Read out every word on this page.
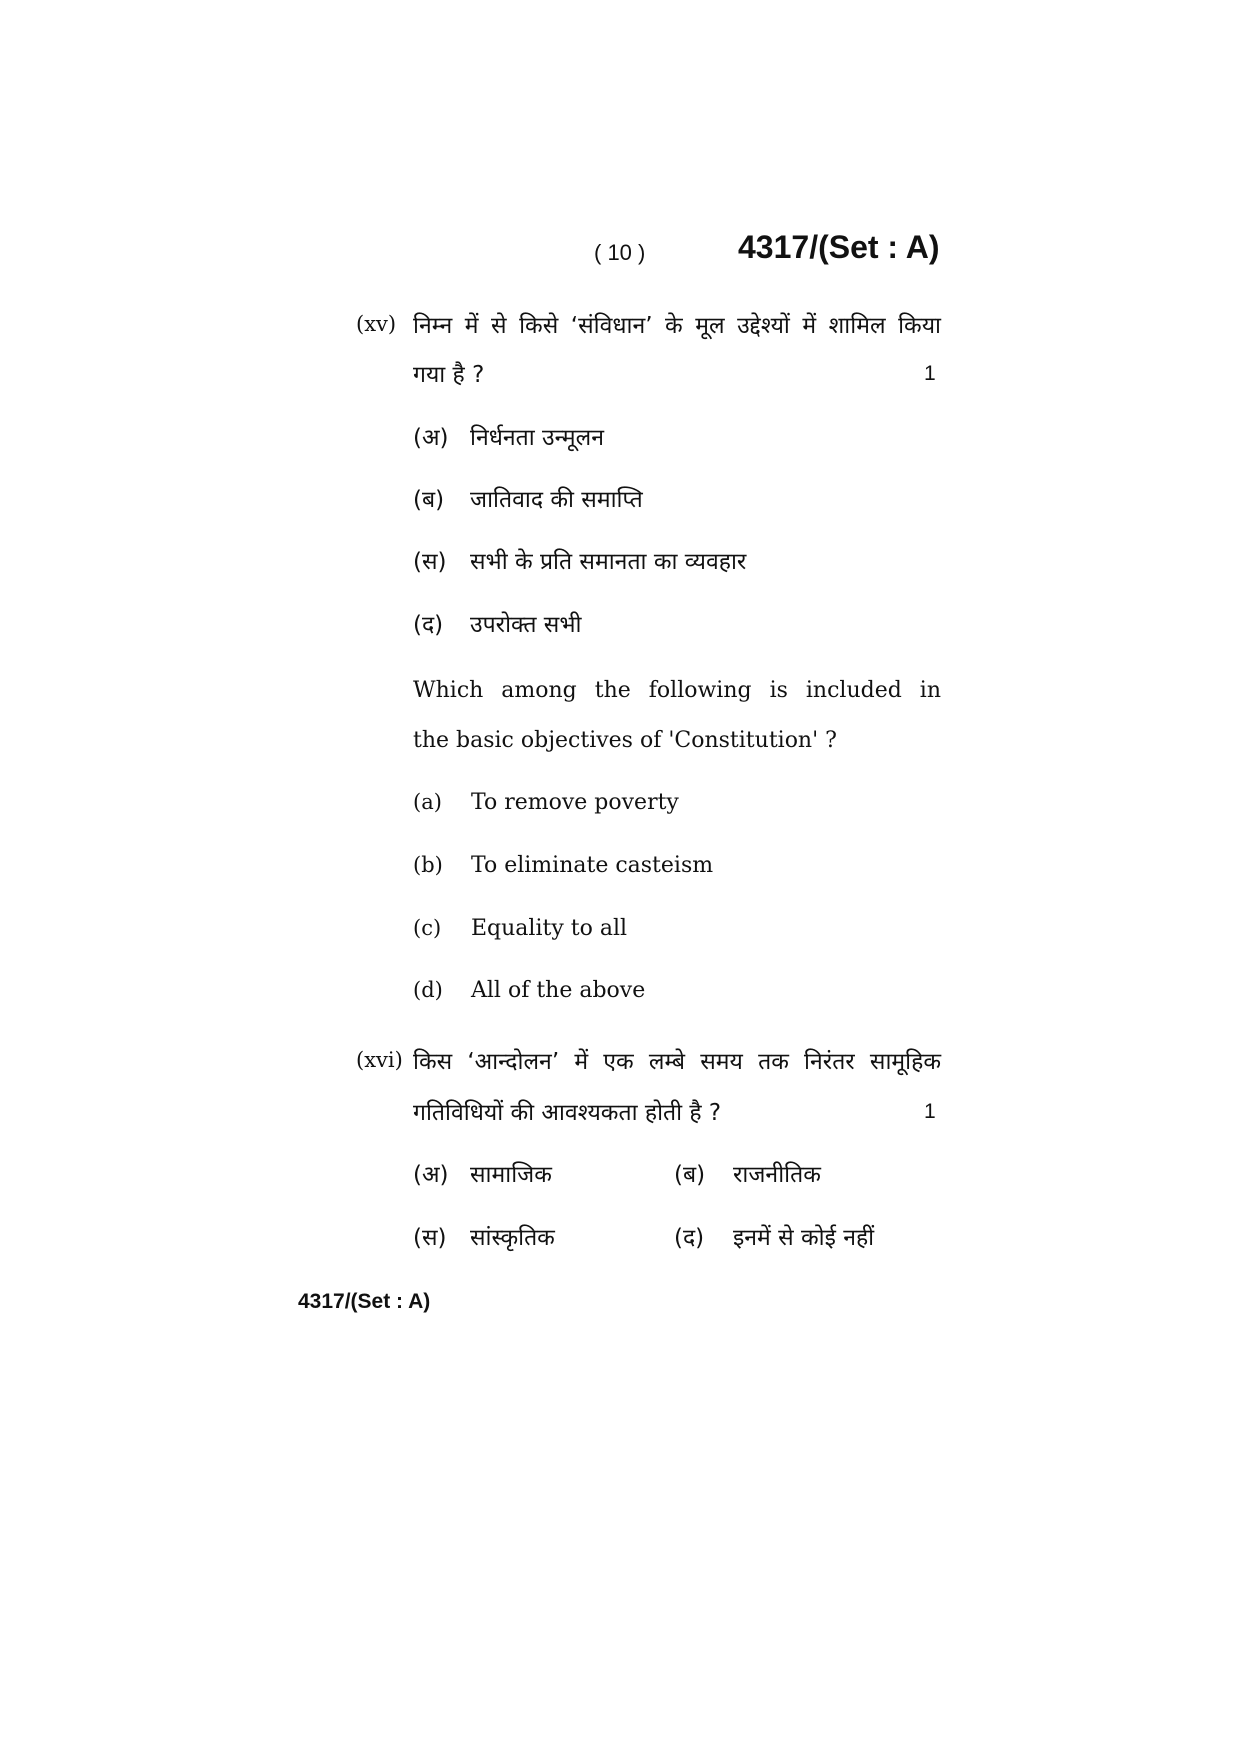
( 10 )	4317/(Set : A)
(xv) निम्न में से किसे ‘संविधान’ के मूल उद्देश्यों में शामिल किया
गया है ?	1
(अ) निर्धनता उन्मूलन
(ब) जातिवाद की समाप्ति
(स) सभी के प्रति समानता का व्यवहार
(द) उपरोक्त सभी
Which among the following is included in
the basic objectives of 'Constitution' ?
(a) To remove poverty
(b) To eliminate casteism
(c) Equality to all
(d) All of the above
(xvi) किस ‘आन्दोलन’ में एक लम्बे समय तक निरंतर सामूहिक
गतिविधियों की आवश्यकता होती है ?	1
(अ) सामाजिक	(ब) राजनीतिक
(स) सांस्कृतिक	(द) इनमें से कोई नहीं
4317/(Set : A)
